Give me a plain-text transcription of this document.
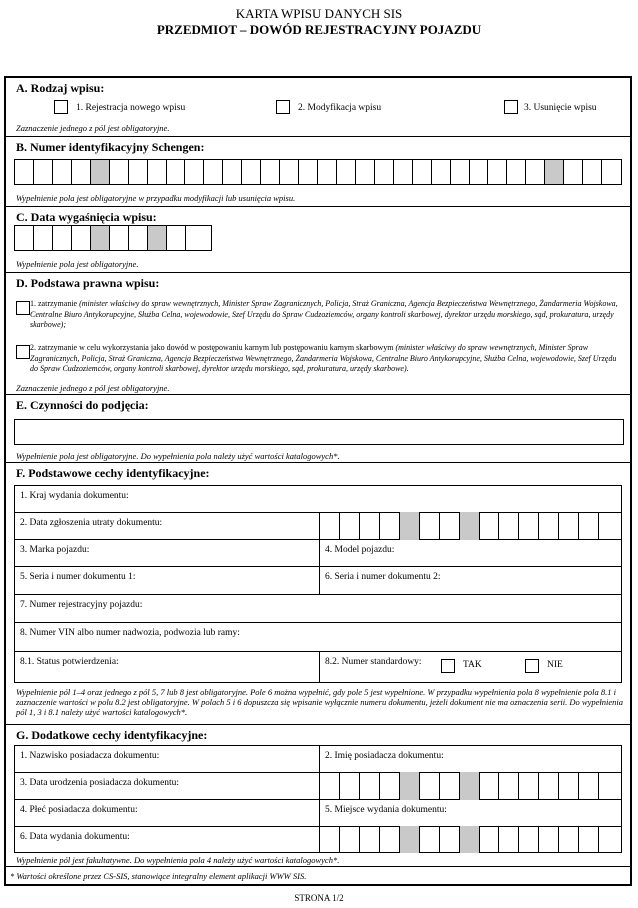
KARTA WPISU DANYCH SIS
PRZEDMIOT – DOWÓD REJESTRACYJNY POJAZDU
A. Rodzaj wpisu:
1. Rejestracja nowego wpisu	2. Modyfikacja wpisu	3. Usunięcie wpisu
Zaznaczenie jednego z pól jest obligatoryjne.
B. Numer identyfikacyjny Schengen:
Wypełnienie pola jest obligatoryjne w przypadku modyfikacji lub usunięcia wpisu.
C. Data wygaśnięcia wpisu:
Wypełnienie pola jest obligatoryjne.
D. Podstawa prawna wpisu:
1. zatrzymanie (minister właściwy do spraw wewnętrznych, Minister Spraw Zagranicznych, Policja, Straż Graniczna, Agencja Bezpieczeństwa Wewnętrznego, Żandarmeria Wojskowa, Centralne Biuro Antykorupcyjne, Służba Celna, wojewodowie, Szef Urzędu do Spraw Cudzoziemców, organy kontroli skarbowej, dyrektor urzędu morskiego, sąd, prokuratura, urzędy skarbowe);
2. zatrzymanie w celu wykorzystania jako dowód w postępowaniu karnym lub postępowaniu karnym skarbowym (minister właściwy do spraw wewnętrznych, Minister Spraw Zagranicznych, Policja, Straż Graniczna, Agencja Bezpieczeństwa Wewnętrznego, Żandarmeria Wojskowa, Centralne Biuro Antykorupcyjne, Służba Celna, wojewodowie, Szef Urzędu do Spraw Cudzoziemców, organy kontroli skarbowej, dyrektor urzędu morskiego, sąd, prokuratura, urzędy skarbowe).
Zaznaczenie jednego z pól jest obligatoryjne.
E. Czynności do podjęcia:
Wypełnienie pola jest obligatoryjne. Do wypełnienia pola należy użyć wartości katalogowych*.
F. Podstawowe cechy identyfikacyjne:
1. Kraj wydania dokumentu:
2. Data zgłoszenia utraty dokumentu:
3. Marka pojazdu:	4. Model pojazdu:
5. Seria i numer dokumentu 1:	6. Seria i numer dokumentu 2:
7. Numer rejestracyjny pojazdu:
8. Numer VIN albo numer nadwozia, podwozia lub ramy:
8.1. Status potwierdzenia:	8.2. Numer standardowy:	TAK	NIE
Wypełnienie pól 1–4 oraz jednego z pól 5, 7 lub 8 jest obligatoryjne. Pole 6 można wypełnić, gdy pole 5 jest wypełnione. W przypadku wypełnienia pola 8 wypełnienie pola 8.1 i zaznaczenie wartości w polu 8.2 jest obligatoryjne. W polach 5 i 6 dopuszcza się wpisanie wyłącznie numeru dokumentu, jeżeli dokument nie ma oznaczenia serii. Do wypełnienia pól 1, 3 i 8.1 należy użyć wartości katalogowych*.
G. Dodatkowe cechy identyfikacyjne:
1. Nazwisko posiadacza dokumentu:	2. Imię posiadacza dokumentu:
3. Data urodzenia posiadacza dokumentu:
4. Płeć posiadacza dokumentu:	5. Miejsce wydania dokumentu:
6. Data wydania dokumentu:
Wypełnienie pól jest fakultatywne. Do wypełnienia pola 4 należy użyć wartości katalogowych*.
* Wartości określone przez CS-SIS, stanowiące integralny element aplikacji WWW SIS.
STRONA 1/2
